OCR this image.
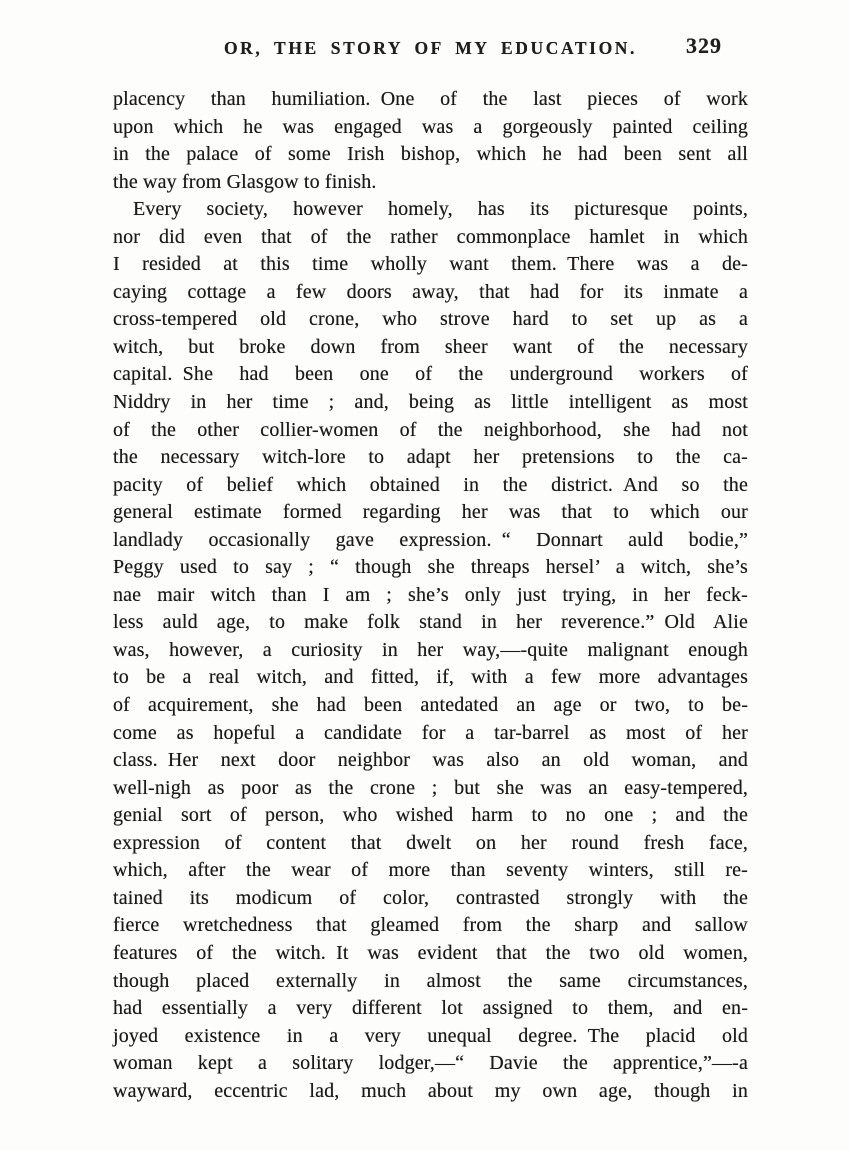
OR, THE STORY OF MY EDUCATION.	329
placency than humiliation. One of the last pieces of work
upon which he was engaged was a gorgeously painted ceiling
in the palace of some Irish bishop, which he had been sent all
the way from Glasgow to finish.
Every society, however homely, has its picturesque points,
nor did even that of the rather commonplace hamlet in which
I resided at this time wholly want them. There was a de-
caying cottage a few doors away, that had for its inmate a
cross-tempered old crone, who strove hard to set up as a
witch, but broke down from sheer want of the necessary
capital. She had been one of the underground workers of
Niddry in her time ; and, being as little intelligent as most
of the other collier-women of the neighborhood, she had not
the necessary witch-lore to adapt her pretensions to the ca-
pacity of belief which obtained in the district. And so the
general estimate formed regarding her was that to which our
landlady occasionally gave expression. “ Donnart auld bodie,”
Peggy used to say ; “ though she threaps hersel’ a witch, she’s
nae mair witch than I am ; she’s only just trying, in her feck-
less auld age, to make folk stand in her reverence.” Old Alie
was, however, a curiosity in her way,—-quite malignant enough
to be a real witch, and fitted, if, with a few more advantages
of acquirement, she had been antedated an age or two, to be-
come as hopeful a candidate for a tar-barrel as most of her
class. Her next door neighbor was also an old woman, and
well-nigh as poor as the crone ; but she was an easy-tempered,
genial sort of person, who wished harm to no one ; and the
expression of content that dwelt on her round fresh face,
which, after the wear of more than seventy winters, still re-
tained its modicum of color, contrasted strongly with the
fierce wretchedness that gleamed from the sharp and sallow
features of the witch. It was evident that the two old women,
though placed externally in almost the same circumstances,
had essentially a very different lot assigned to them, and en-
joyed existence in a very unequal degree. The placid old
woman kept a solitary lodger,—“ Davie the apprentice,”—-a
wayward, eccentric lad, much about my own age, though in
